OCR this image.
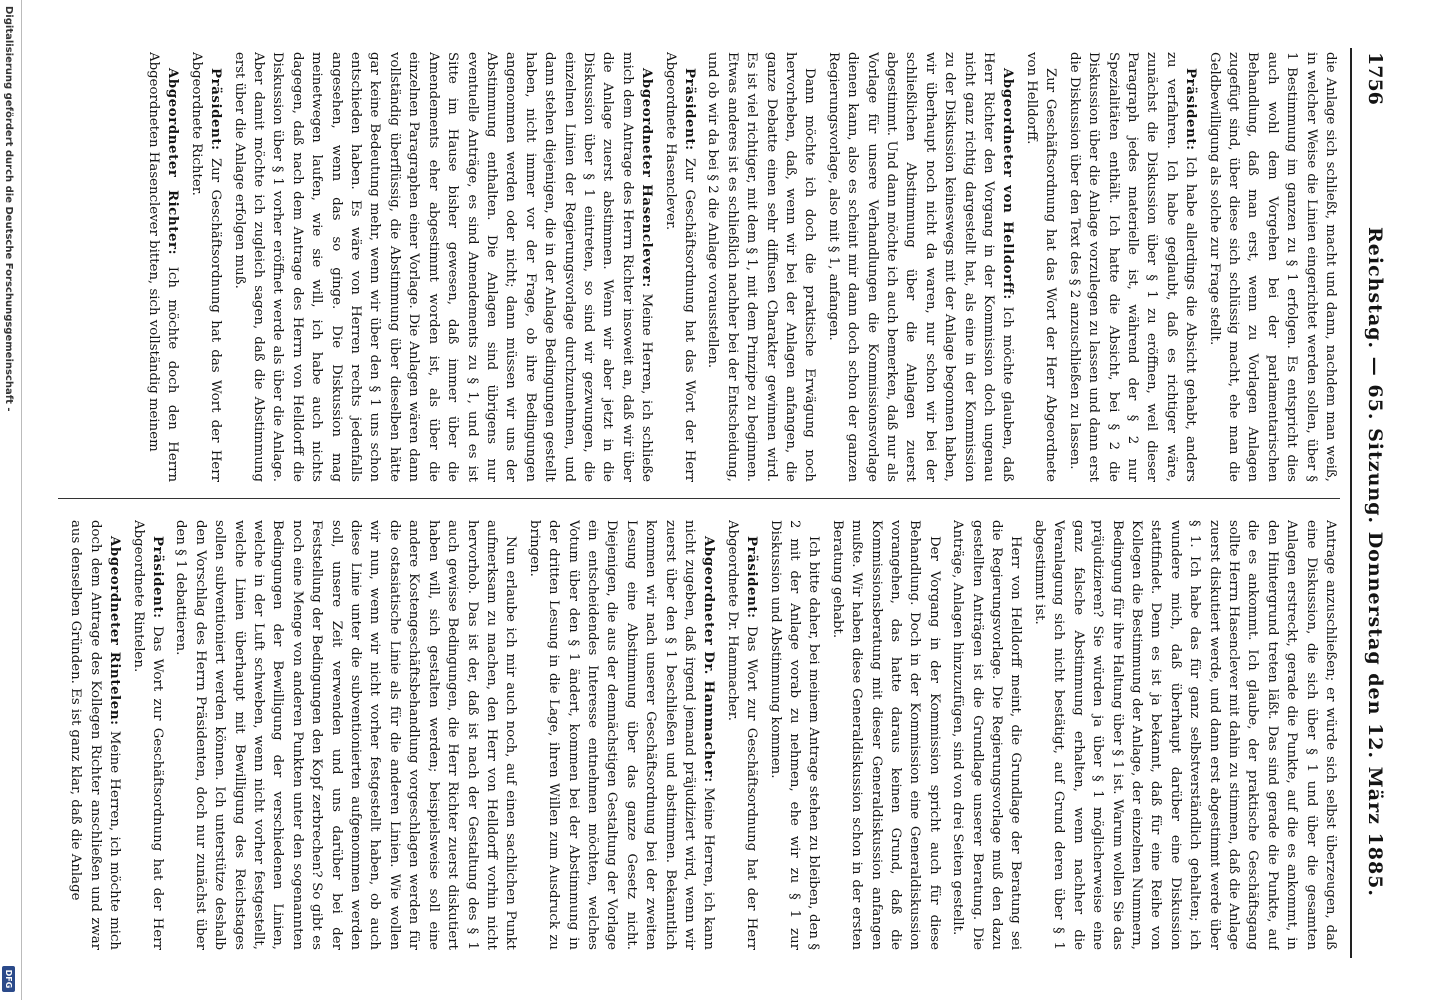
1756
Reichstag. — 65. Sitzung. Donnerstag den 12. März 1885.

die Anlage sich schließt, macht und dann, nachdem man weiß, in welcher Weise die Linien eingerichtet werden sollen, über § 1 Bestimmung im ganzen zu § 1 erfolgen. Es entspricht dies auch wohl dem Vorgehen bei der parlamentarischen Behandlung, daß man erst, wenn zu Vorlagen Anlagen zugefügt sind, über diese sich schlüssig macht, ehe man die Geldbewilligung als solche zur Frage stellt.

Präsident: Ich habe allerdings die Absicht gehabt, anders zu verfahren. Ich habe geglaubt, daß es richtiger wäre, zunächst die Diskussion über § 1 zu eröffnen, weil dieser Paragraph jedes materielle ist, während der § 2 nur Spezialitäten enthält. Ich hatte die Absicht, bei § 2 die Diskussion über die Anlage vorzulegen zu lassen und dann erst die Diskussion über den Text des § 2 anzuschließen zu lassen.

Zur Geschäftsordnung hat das Wort der Herr Abgeordnete von Helldorff.

Abgeordneter von Helldorff: Ich möchte glauben, daß Herr Richter den Vorgang in der Kommission doch ungenau nicht ganz richtig dargestellt hat, als eine in der Kommission zu der Diskussion keineswegs mit der Anlage begonnen haben, wir überhaupt noch nicht da waren, nur schon wir bei der schließlichen Abstimmung über die Anlagen zuerst abgestimmt. Und dann möchte ich auch bemerken, daß nur als Vorlage für unsere Verhandlungen die Kommissionsvorlage dienen kann, also es scheint mir dann doch schon der ganzen Regierungsvorlage, also mit § 1, anfangen.

Dann möchte ich doch die praktische Erwägung noch hervorheben, daß, wenn wir bei der Anlagen anfangen, die ganze Debatte einen sehr diffusen Charakter gewinnen wird. Es ist viel richtiger, mit dem § 1, mit dem Prinzipe zu beginnen. Etwas anderes ist es schließlich nachher bei der Entscheidung, und ob wir da bei § 2 die Anlage vorausstellen.

Präsident: Zur Geschäftsordnung hat das Wort der Herr Abgeordnete Hasenclever.

Abgeordneter Hasenclever: Meine Herren, ich schließe mich dem Antrage des Herrn Richter insoweit an, daß wir über die Anlage zuerst abstimmen. Wenn wir aber jetzt in die Diskussion über § 1 eintreten, so sind wir gezwungen, die einzelnen Linien der Regierungsvorlage durchzunehmen, und dann stehen diejenigen, die in der Anlage Bedingungen gestellt haben, nicht immer vor der Frage, ob ihre Bedingungen angenommen werden oder nicht; dann müssen wir uns der Abstimmung enthalten. Die Anlagen sind übrigens nur eventuelle Anträge, es sind Amendements zu § 1, und es ist Sitte im Hause bisher gewesen, daß immer über die Amendements eher abgestimmt worden ist, als über die einzelnen Paragraphen einer Vorlage. Die Anlagen wären dann vollständig überflüssig, die Abstimmung über dieselben hätte gar keine Bedeutung mehr, wenn wir über den § 1 uns schon entschieden haben. Es wäre von Herren rechts jedenfalls angesehen, wenn das so ginge. Die Diskussion mag meinetwegen laufen, wie sie will, ich habe auch nichts dagegen, daß nach dem Antrage des Herrn von Helldorff die Diskussion über § 1 vorher eröffnet werde als über die Anlage. Aber damit möchte ich zugleich sagen, daß die Abstimmung erst über die Anlage erfolgen muß.

Präsident: Zur Geschäftsordnung hat das Wort der Herr Abgeordnete Richter.

Abgeordneter Richter: Ich möchte doch den Herrn Abgeordneten Hasenclever bitten, sich vollständig meinem

Antrage anzuschließen; er würde sich selbst überzeugen, daß eine Diskussion, die sich über § 1 und über die gesamten Anlagen erstreckt, gerade die Punkte, auf die es ankommt, in den Hintergrund treten läßt. Das sind gerade die Punkte, auf die es ankommt. Ich glaube, der praktische Geschäftsgang sollte Herrn Hasenclever mit dahin zu stimmen, daß die Anlage zuerst diskutiert werde, und dann erst abgestimmt werde über § 1. Ich habe das für ganz selbstverständlich gehalten; ich wundere mich, daß überhaupt darüber eine Diskussion stattfindet. Denn es ist ja bekannt, daß für eine Reihe von Kollegen die Bestimmung der Anlage, der einzelnen Nummern, Bedingung für ihre Haltung über § 1 ist. Warum wollen Sie das präjudizieren? Sie würden ja über § 1 möglicherweise eine ganz falsche Abstimmung erhalten, wenn nachher die Veranlagung sich nicht bestätigt, auf Grund deren über § 1 abgestimmt ist.

Herr von Helldorff meint, die Grundlage der Beratung sei die Regierungsvorlage. Die Regierungsvorlage muß den dazu gestellten Anträgen ist die Grundlage unserer Beratung. Die Anträge, Anlagen hinzuzufügen, sind von drei Seiten gestellt.

Der Vorgang in der Kommission spricht auch für diese Behandlung. Doch in der Kommission eine Generaldiskussion vorangehen, das hatte daraus keinen Grund, daß die Kommissionsberatung mit dieser Generaldiskussion anfangen mußte. Wir haben diese Generaldiskussion schon in der ersten Beratung gehabt.

Ich bitte daher, bei meinem Antrage stehen zu bleiben, den § 2 mit der Anlage vorab zu nehmen, ehe wir zu § 1 zur Diskussion und Abstimmung kommen.

Präsident: Das Wort zur Geschäftsordnung hat der Herr Abgeordnete Dr. Hammacher.

Abgeordneter Dr. Hammacher: Meine Herren, ich kann nicht zugeben, daß irgend jemand präjudiziert wird, wenn wir zuerst über den § 1 beschließen und abstimmen. Bekanntlich kommen wir nach unserer Geschäftsordnung bei der zweiten Lesung eine Abstimmung über das ganze Gesetz nicht. Diejenigen, die aus der demnächstigen Gestaltung der Vorlage ein entscheidendes Interesse entnehmen möchten, welches Votum über den § 1 ändert, kommen bei der Abstimmung in der dritten Lesung in die Lage, ihren Willen zum Ausdruck zu bringen.

Nun erlaube ich mir auch noch, auf einen sachlichen Punkt aufmerksam zu machen, den Herr von Helldorff vorhin nicht hervorhob. Das ist der, daß ist nach der Gestaltung des § 1 auch gewisse Bedingungen, die Herr Richter zuerst diskutiert haben will, sich gestalten werden; beispielsweise soll eine andere Kostengeschäftsbehandlung vorgeschlagen werden für die ostasiatische Linie als für die anderen Linien. Wie wollen wir nun, wenn wir nicht vorher festgestellt haben, ob auch diese Linie unter die subventionierten aufgenommen werden soll, unsere Zeit verwenden und uns darüber bei der Feststellung der Bedingungen den Kopf zerbrechen? So gibt es noch eine Menge von anderen Punkten unter den sogenannten Bedingungen der Bewilligung der verschiedenen Linien, welche in der Luft schweben, wenn nicht vorher festgestellt, welche Linien überhaupt mit Bewilligung des Reichstages sollen subventioniert werden können. Ich unterstütze deshalb den Vorschlag des Herrn Präsidenten, doch nur zunächst über den § 1 debattieren.

Präsident: Das Wort zur Geschäftsordnung hat der Herr Abgeordnete Rintelen.

Abgeordneter Rintelen: Meine Herren, ich möchte mich doch dem Antrage des Kollegen Richter anschließen und zwar aus denselben Gründen. Es ist ganz klar, daß die Anlage

Digitalisierung gefördert durch die Deutsche Forschungsgemeinschaft -
DFG
